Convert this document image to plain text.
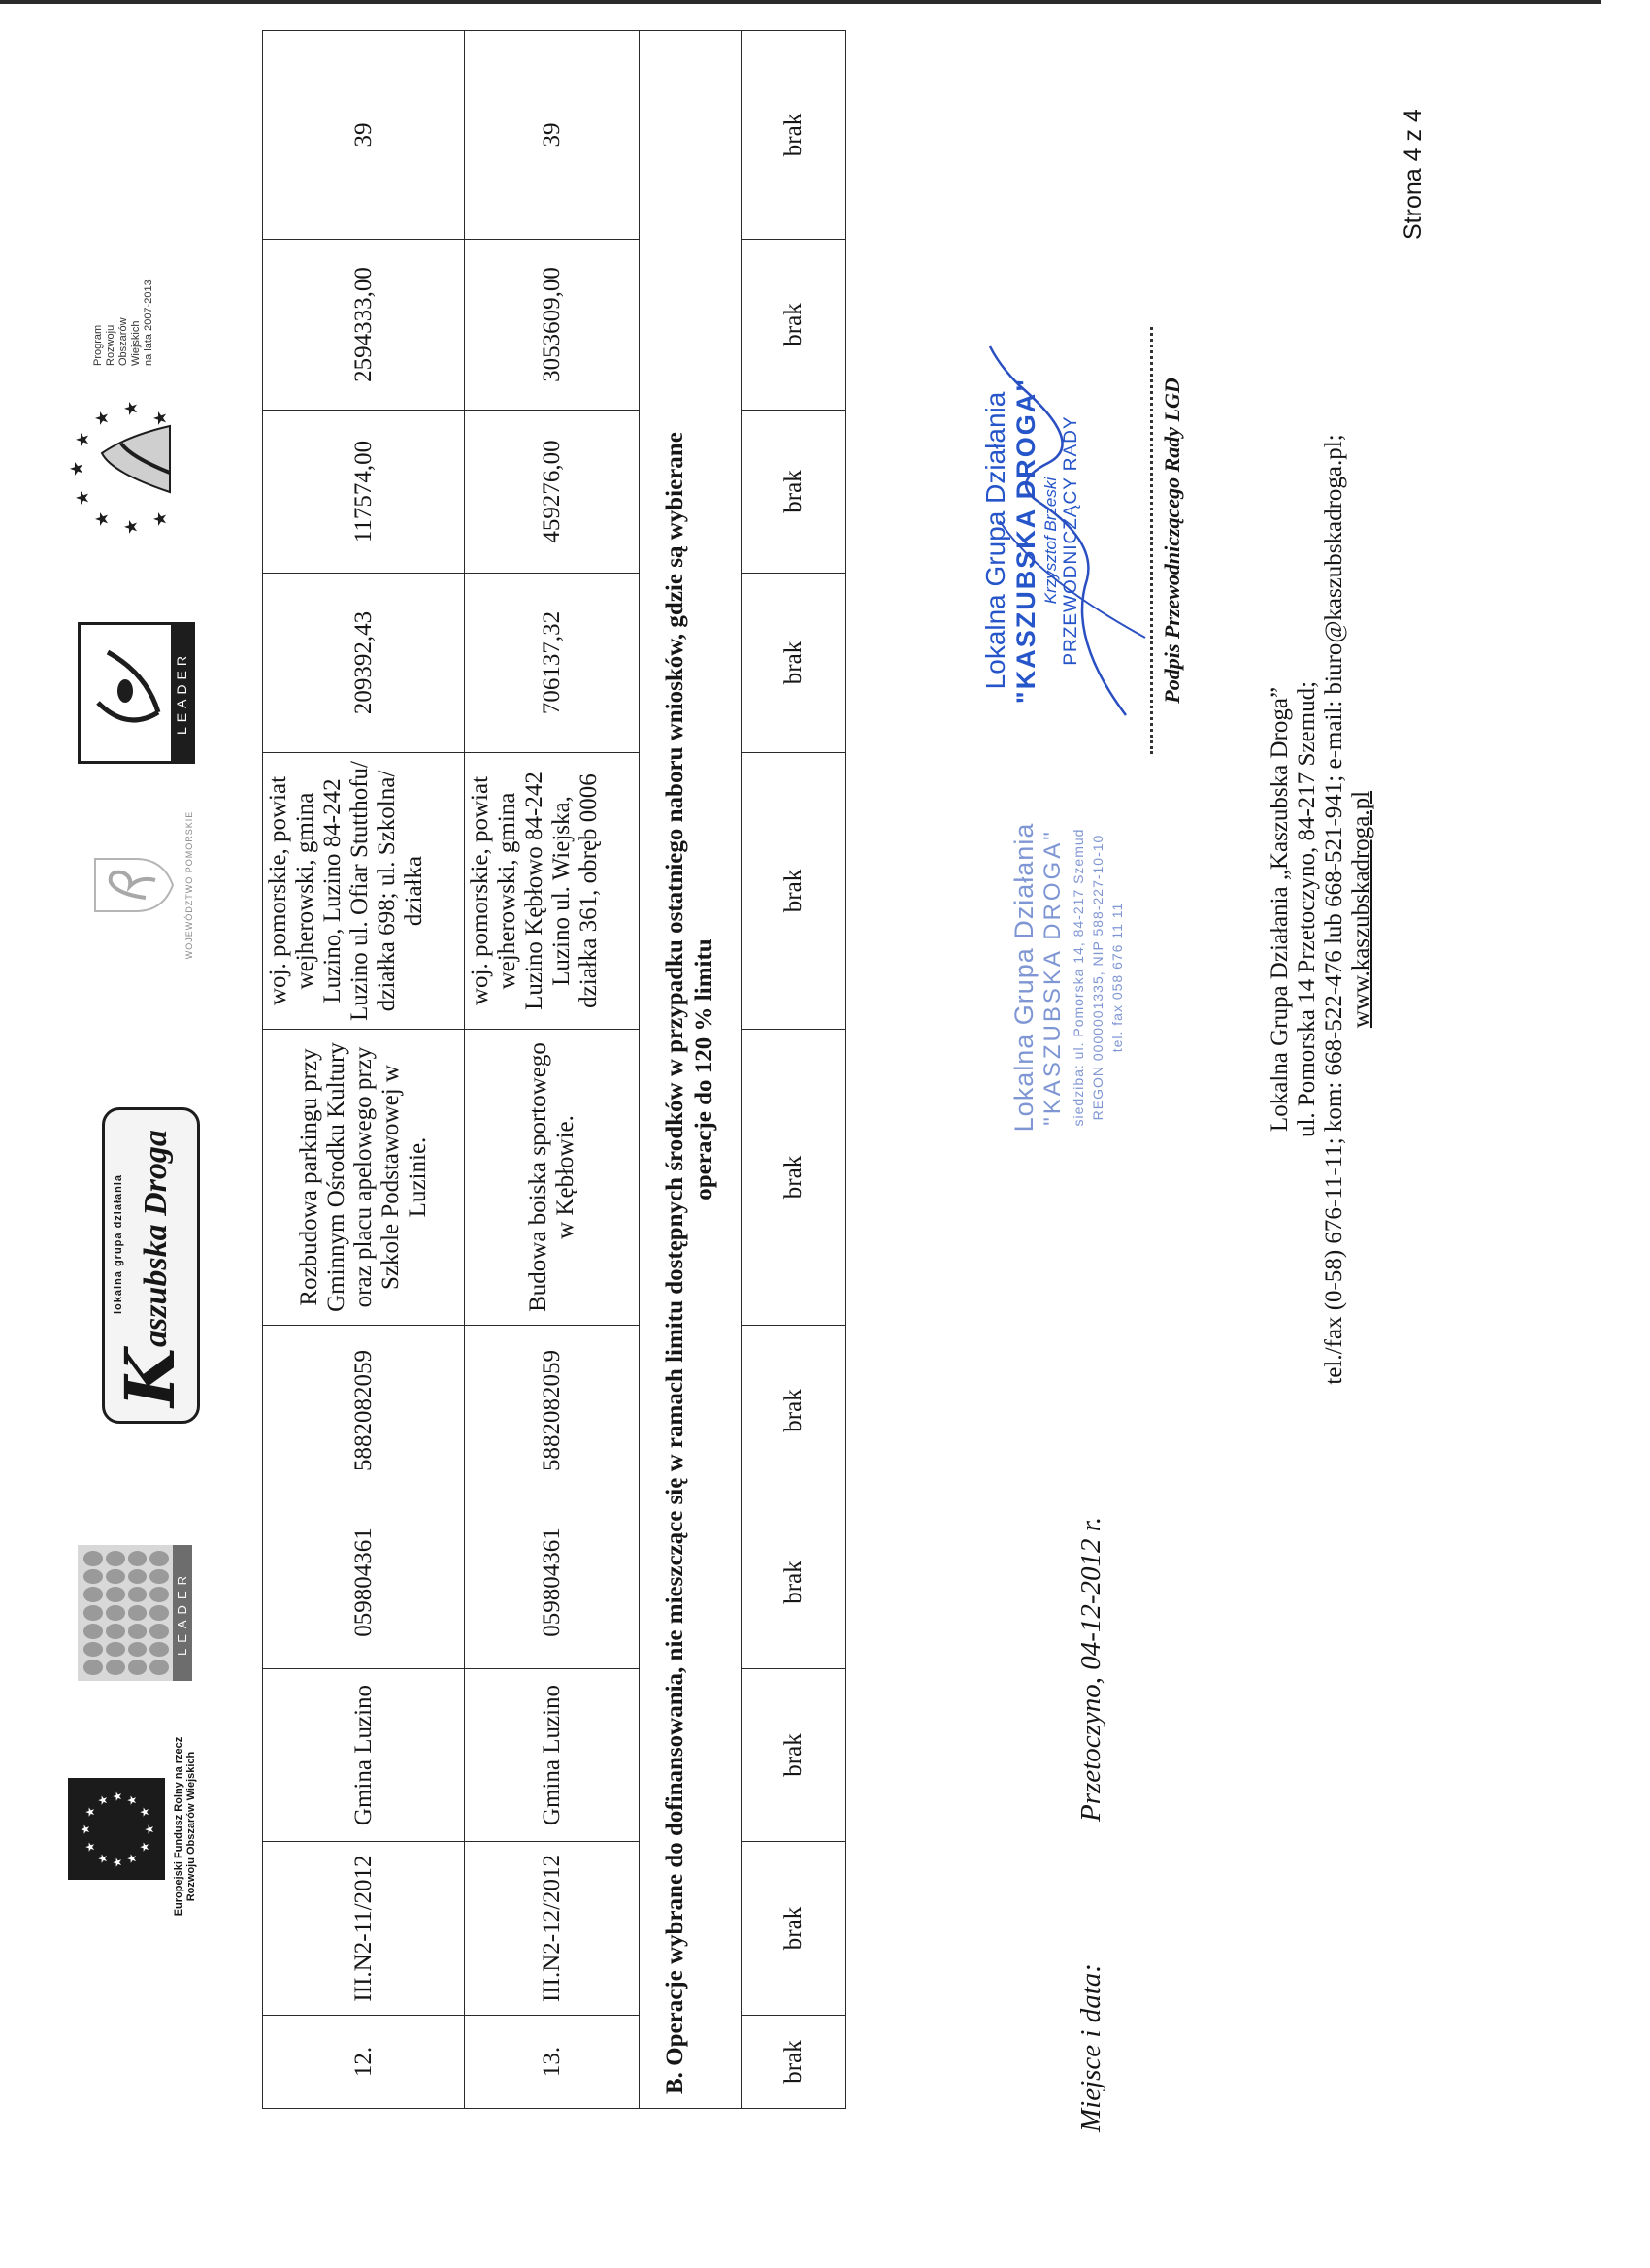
★
★
★ ★ ★
★
★
★
★
★
★
★	Europejski Fundusz Rolny na rzecz Rozwoju Obszarów Wiejskich
LEADER
K
lokalna grupa działania aszubska Droga
WOJEWÓDZTWO POMORSKIE
LEADER
★
★
★
★
★
★
★
★
★
Program Rozwoju Obszarów Wiejskich na lata 2007-2013
12.	III.N2-11/2012	Gmina Luzino	059804361	5882082059	Rozbudowa parkingu przy Gminnym Ośrodku Kultury oraz placu apelowego przy Szkole Podstawowej w Luzinie.	woj. pomorskie, powiat wejherowski, gmina Luzino, Luzino 84-242 Luzino ul. Ofiar Stutthofu/ działka 698; ul. Szkolna/ działka	209392,43	117574,00	2594333,00	39
13.	III.N2-12/2012	Gmina Luzino	059804361	5882082059	Budowa boiska sportowego w Kębłowie.	woj. pomorskie, powiat wejherowski, gmina Luzino Kębłowo 84-242 Luzino ul. Wiejska, działka 361, obręb 0006	706137,32	459276,00	3053609,00	39
B. Operacje wybrane do dofinansowania, nie mieszczące się w ramach limitu dostępnych środków w przypadku ostatniego naboru wniosków, gdzie są wybierane operacje do 120 % limitu										

brak	brak	brak	brak	brak	brak	brak	brak	brak	brak	brak
Miejsce i data:
Przetoczyno, 04-12-2012 r.
Lokalna Grupa Działania "KASZUBSKA DROGA" siedziba: ul. Pomorska 14, 84-217 Szemud REGON 0000001335, NIP 588-227-10-10 tel. fax 058 676 11 11
Lokalna Grupa Działania "KASZUBSKA DROGA" Krzysztof Brzeski PRZEWODNICZĄCY RADY	Podpis Przewodniczącego Rady LGD
Lokalna Grupa Działania „Kaszubska Droga” ul. Pomorska 14 Przetoczyno, 84-217 Szemud; tel./fax (0-58) 676-11-11; kom: 668-522-476 lub 668-521-941; e-mail: biuro@kaszubskadroga.pl; www.kaszubskadroga.pl
Strona 4 z 4
